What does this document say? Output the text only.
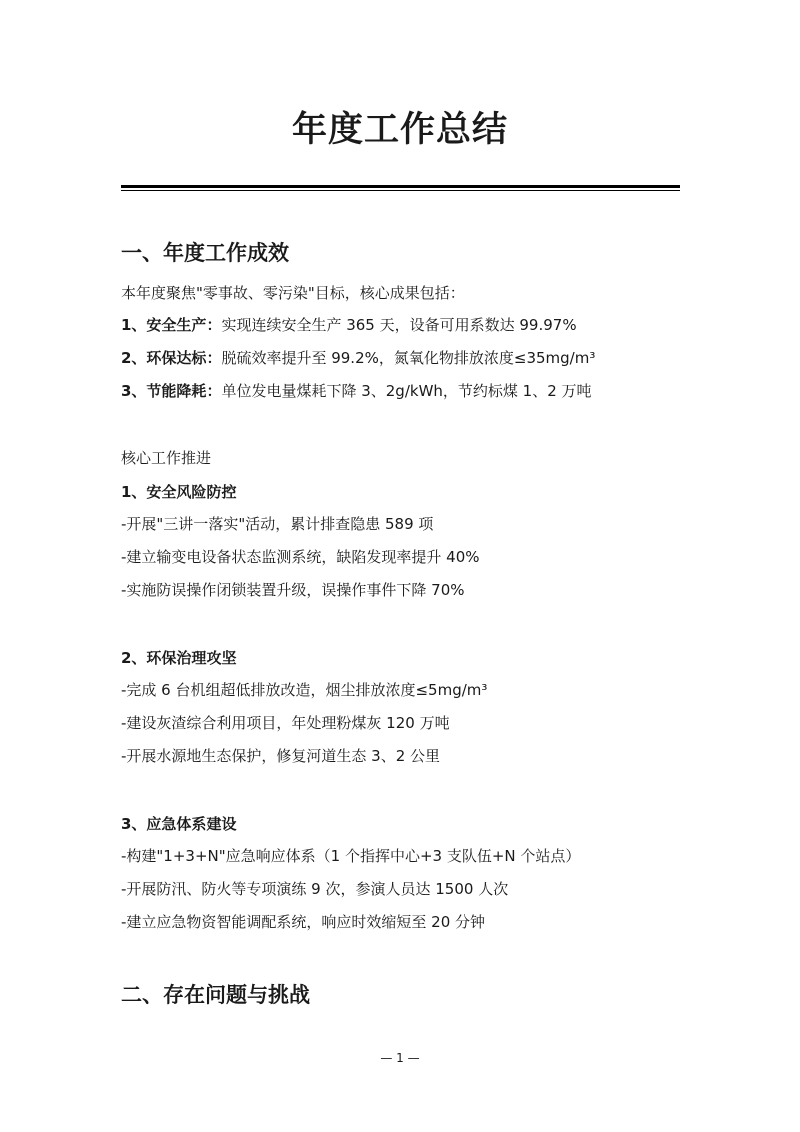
年度工作总结
一、年度工作成效
本年度聚焦"零事故、零污染"目标，核心成果包括：
1、安全生产：实现连续安全生产 365 天，设备可用系数达 99.97%
2、环保达标：脱硫效率提升至 99.2%，氮氧化物排放浓度≤35mg/m³
3、节能降耗：单位发电量煤耗下降 3、2g/kWh，节约标煤 1、2 万吨
核心工作推进
1、安全风险防控
-开展"三讲一落实"活动，累计排查隐患 589 项
-建立输变电设备状态监测系统，缺陷发现率提升 40%
-实施防误操作闭锁装置升级，误操作事件下降 70%
2、环保治理攻坚
-完成 6 台机组超低排放改造，烟尘排放浓度≤5mg/m³
-建设灰渣综合利用项目，年处理粉煤灰 120 万吨
-开展水源地生态保护，修复河道生态 3、2 公里
3、应急体系建设
-构建"1+3+N"应急响应体系（1 个指挥中心+3 支队伍+N 个站点）
-开展防汛、防火等专项演练 9 次，参演人员达 1500 人次
-建立应急物资智能调配系统，响应时效缩短至 20 分钟
二、存在问题与挑战
— 1 —
